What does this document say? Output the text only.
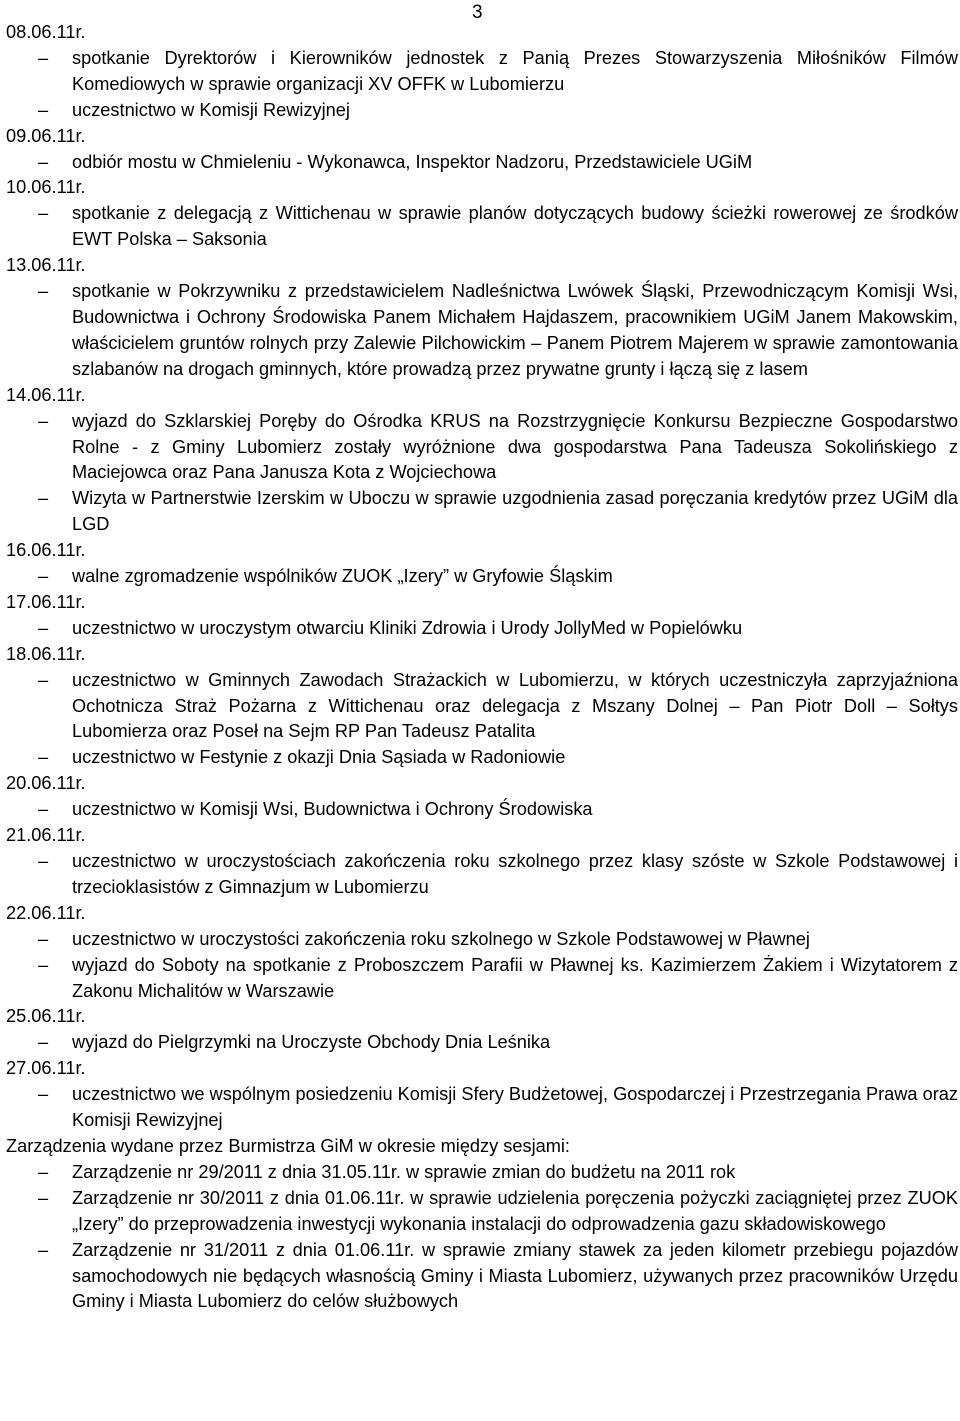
3
08.06.11r.
– spotkanie Dyrektorów i Kierowników jednostek z Panią Prezes Stowarzyszenia Miłośników Filmów Komediowych w sprawie organizacji XV OFFK w Lubomierzu
– uczestnictwo w Komisji Rewizyjnej
09.06.11r.
– odbiór mostu w Chmieleniu - Wykonawca, Inspektor Nadzoru, Przedstawiciele UGiM
10.06.11r.
– spotkanie z delegacją z Wittichenau w sprawie planów dotyczących budowy ścieżki rowerowej ze środków EWT Polska – Saksonia
13.06.11r.
– spotkanie w Pokrzywniku z przedstawicielem Nadleśnictwa Lwówek Śląski, Przewodniczącym Komisji Wsi, Budownictwa i Ochrony Środowiska Panem Michałem Hajdaszem, pracownikiem UGiM Janem Makowskim, właścicielem gruntów rolnych przy Zalewie Pilchowickim – Panem Piotrem Majerem w sprawie zamontowania szlabanów na drogach gminnych, które prowadzą przez prywatne grunty i łączą się z lasem
14.06.11r.
– wyjazd do Szklarskiej Poręby do Ośrodka KRUS na Rozstrzygnięcie Konkursu Bezpieczne Gospodarstwo Rolne - z Gminy Lubomierz zostały wyróżnione dwa gospodarstwa Pana Tadeusza Sokolińskiego z Maciejowca oraz Pana Janusza Kota z Wojciechowa
– Wizyta w Partnerstwie Izerskim w Uboczu w sprawie uzgodnienia zasad poręczania kredytów przez UGiM dla LGD
16.06.11r.
– walne zgromadzenie wspólników ZUOK „Izery” w Gryfowie Śląskim
17.06.11r.
– uczestnictwo w uroczystym otwarciu Kliniki Zdrowia i Urody JollyMed w Popielówku
18.06.11r.
– uczestnictwo w Gminnych Zawodach Strażackich w Lubomierzu, w których uczestniczyła zaprzyjaźniona Ochotnicza Straż Pożarna z Wittichenau oraz delegacja z Mszany Dolnej – Pan Piotr Doll – Sołtys Lubomierza oraz Poseł na Sejm RP Pan Tadeusz Patalita
– uczestnictwo w Festynie z okazji Dnia Sąsiada w Radoniowie
20.06.11r.
– uczestnictwo w Komisji Wsi, Budownictwa i Ochrony Środowiska
21.06.11r.
– uczestnictwo w uroczystościach zakończenia roku szkolnego przez klasy szóste w Szkole Podstawowej i trzecioklasistów z Gimnazjum w Lubomierzu
22.06.11r.
– uczestnictwo w uroczystości zakończenia roku szkolnego w Szkole Podstawowej w Pławnej
– wyjazd do Soboty na spotkanie z Proboszczem Parafii w Pławnej ks. Kazimierzem Żakiem i Wizytatorem z Zakonu Michalitów w Warszawie
25.06.11r.
– wyjazd do Pielgrzymki na Uroczyste Obchody Dnia Leśnika
27.06.11r.
– uczestnictwo we wspólnym posiedzeniu Komisji Sfery Budżetowej, Gospodarczej i Przestrzegania Prawa oraz Komisji Rewizyjnej
Zarządzenia wydane przez Burmistrza GiM w okresie między sesjami:
– Zarządzenie nr 29/2011 z dnia 31.05.11r. w sprawie zmian do budżetu na 2011 rok
– Zarządzenie nr 30/2011 z dnia 01.06.11r. w sprawie udzielenia poręczenia pożyczki zaciągniętej przez ZUOK „Izery” do przeprowadzenia inwestycji wykonania instalacji do odprowadzenia gazu składowiskowego
– Zarządzenie nr 31/2011 z dnia 01.06.11r. w sprawie zmiany stawek za jeden kilometr przebiegu pojazdów samochodowych nie będących własnością Gminy i Miasta Lubomierz, używanych przez pracowników Urzędu Gminy i Miasta Lubomierz do celów służbowych
